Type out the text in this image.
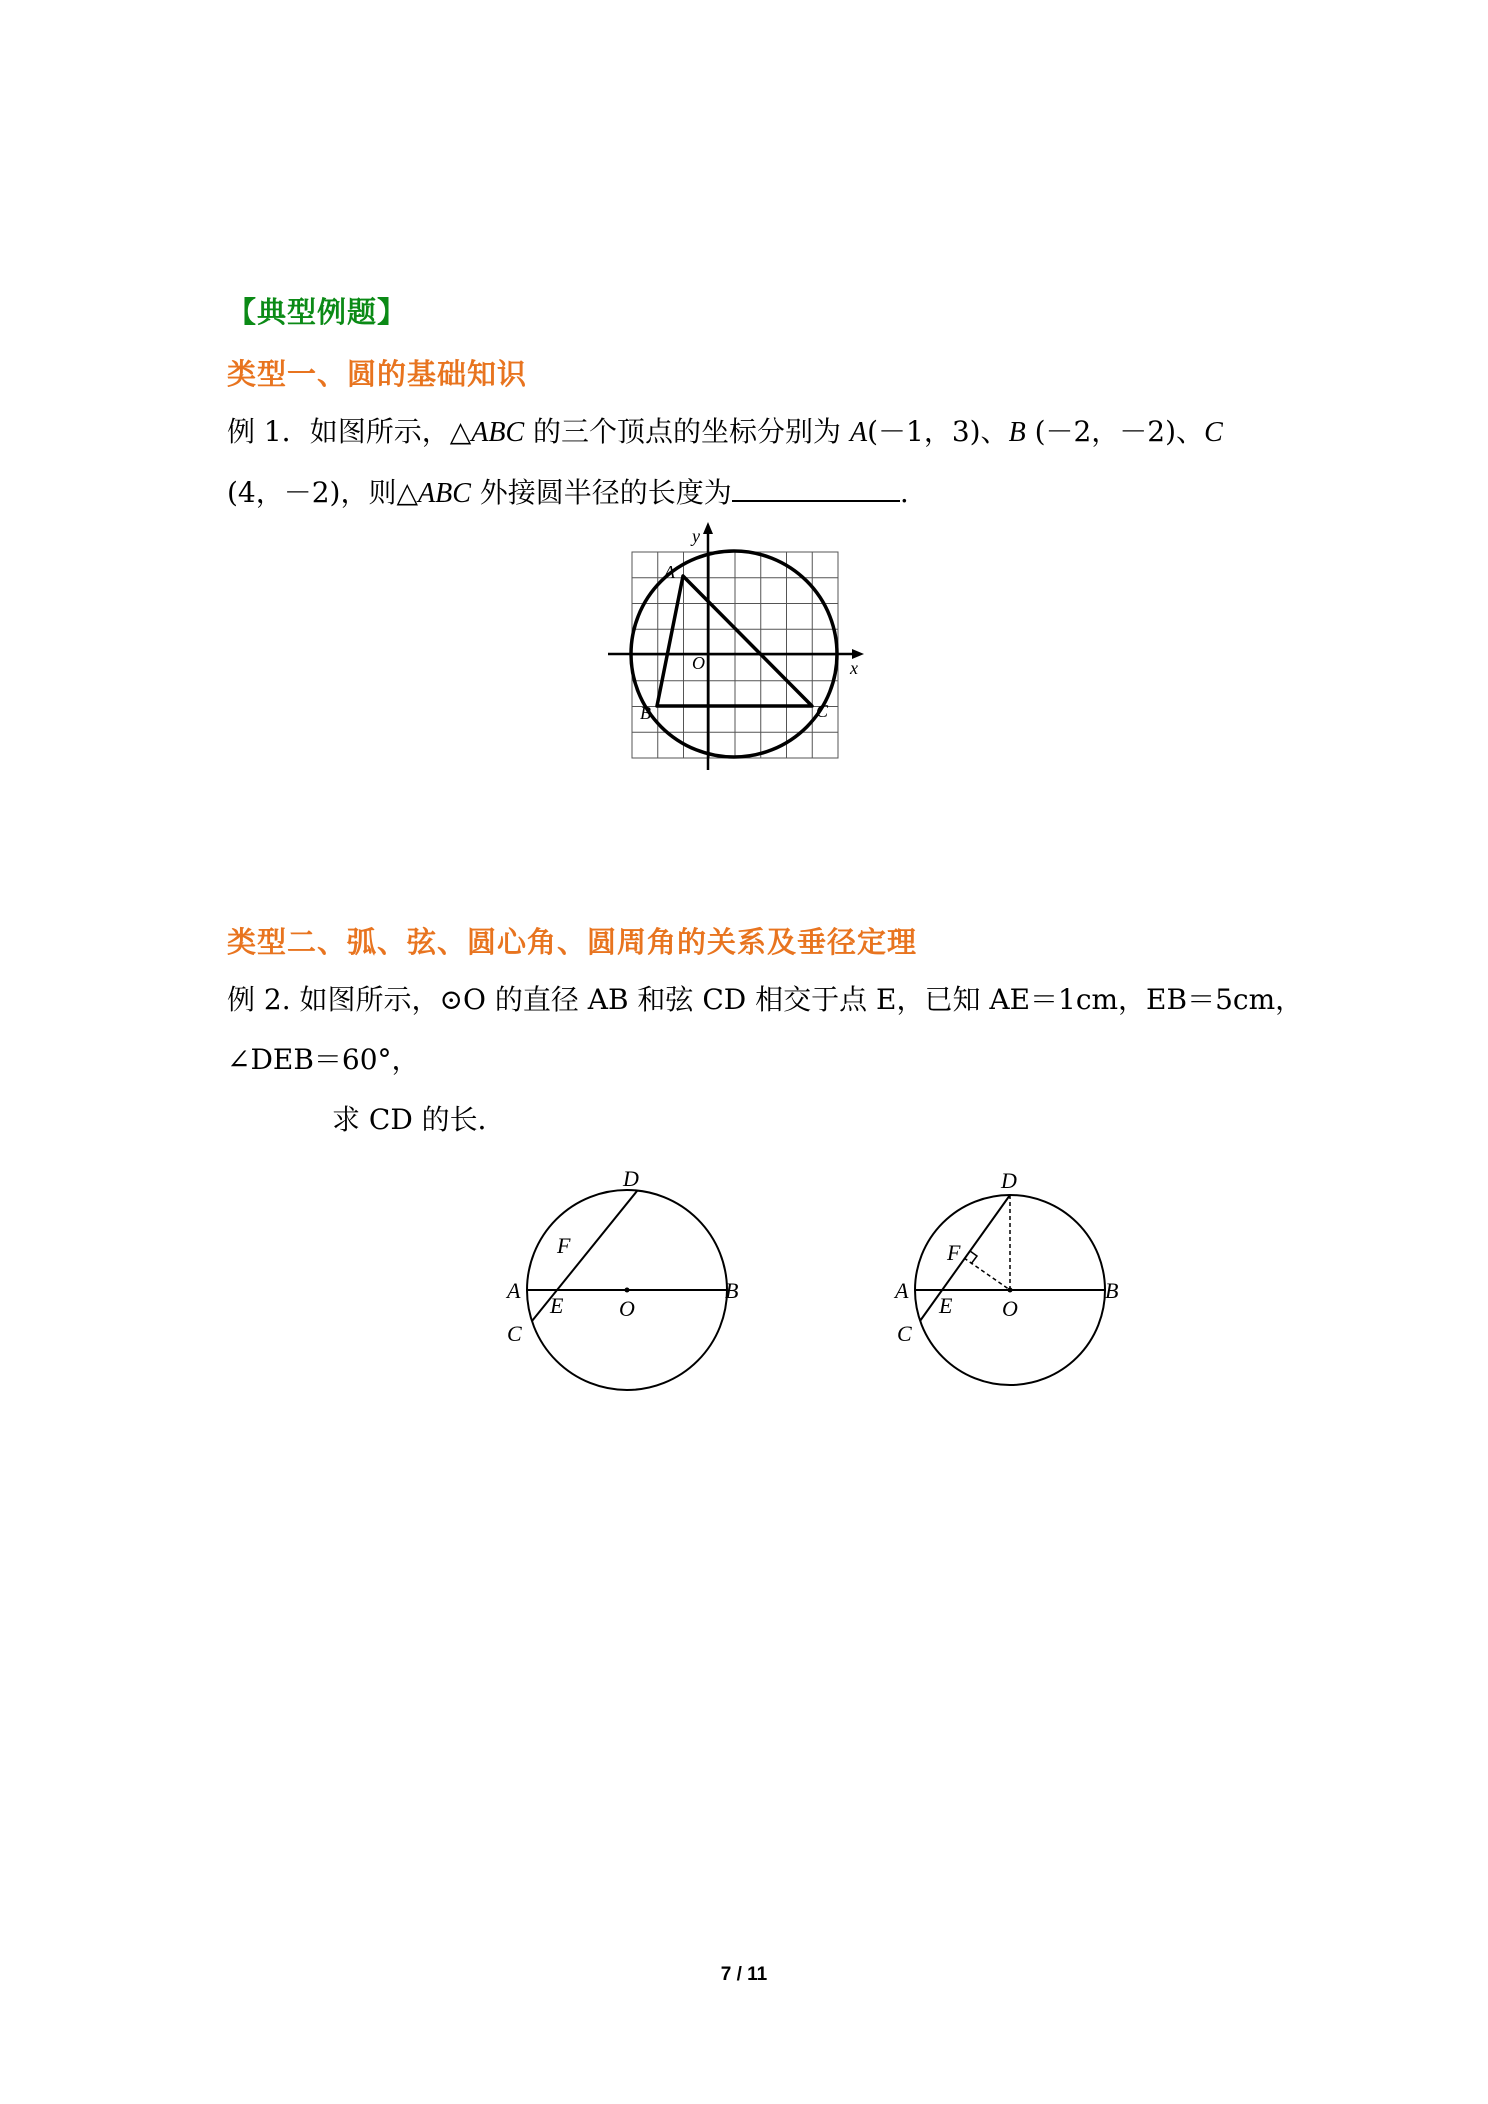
【典型例题】
类型一、圆的基础知识
例 1．如图所示，△ABC 的三个顶点的坐标分别为 A(－1，3)、B (－2，－2)、C
(4，－2)，则△ABC 外接圆半径的长度为	.
y
x
O
A
B	C
类型二、弧、弦、圆心角、圆周角的关系及垂径定理
例 2. 如图所示，⊙O 的直径 AB 和弦 CD 相交于点 E，已知 AE＝1cm，EB＝5cm，
∠DEB＝60°，
求 CD 的长．
D
F
A
E	O
B
C
D
F
A
E O
B
C
7 / 11
